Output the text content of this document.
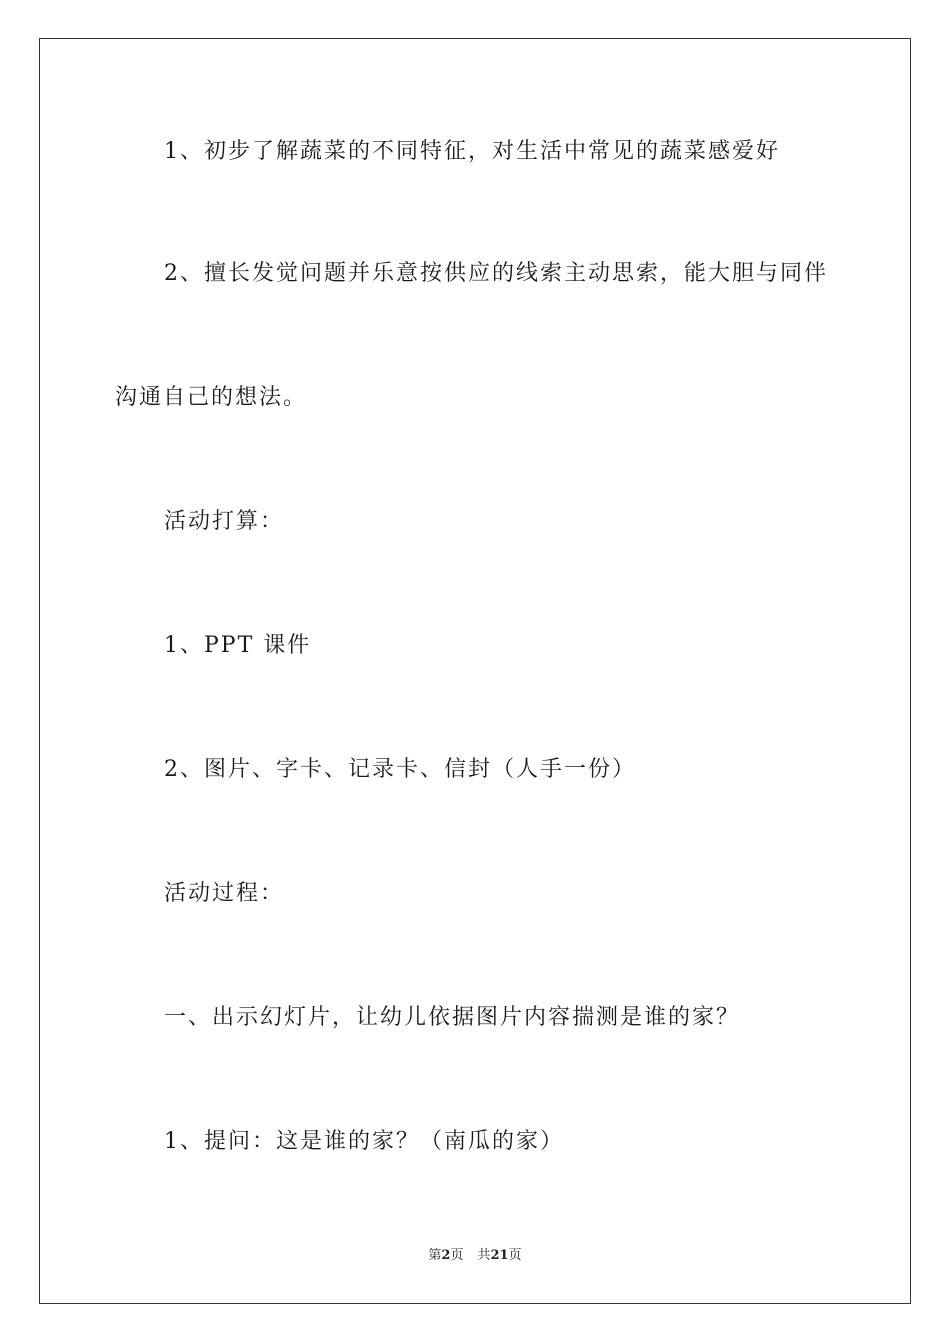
1、初步了解蔬菜的不同特征，对生活中常见的蔬菜感爱好
2、擅长发觉问题并乐意按供应的线索主动思索，能大胆与同伴
沟通自己的想法。
活动打算：
1、PPT 课件
2、图片、字卡、记录卡、信封（人手一份）
活动过程：
一、出示幻灯片，让幼儿依据图片内容揣测是谁的家？
1、提问：这是谁的家？（南瓜的家）
第2页 共21页
